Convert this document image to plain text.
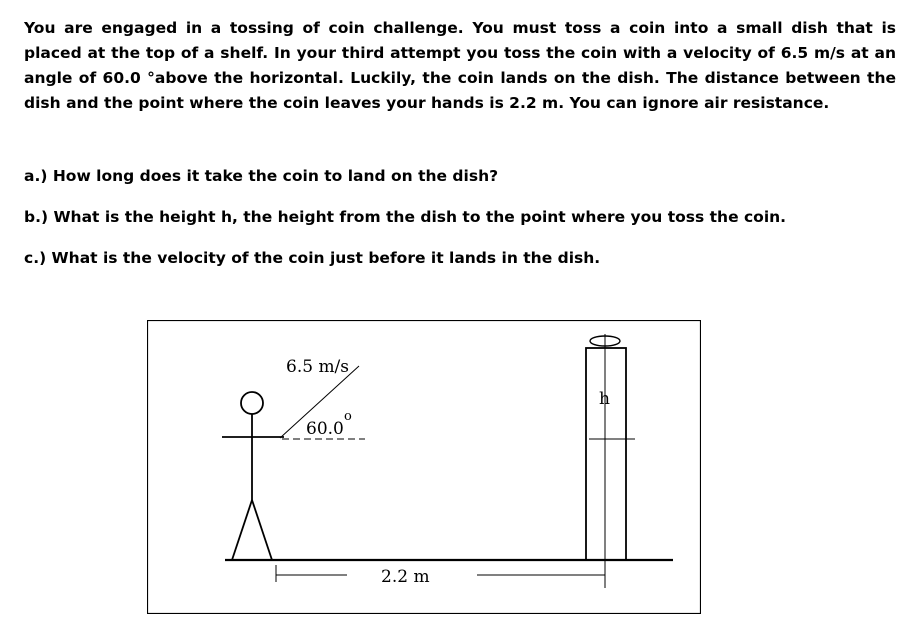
You are engaged in a tossing of coin challenge. You must toss a coin into a small dish that is placed at the top of a shelf. In your third attempt you toss the coin with a velocity of 6.5 m/s at an angle of 60.0 °above the horizontal. Luckily, the coin lands on the dish. The distance between the dish and the point where the coin leaves your hands is 2.2 m. You can ignore air resistance.

a.) How long does it take the coin to land on the dish?

b.) What is the height h, the height from the dish to the point where you toss the coin.

c.) What is the velocity of the coin just before it lands in the dish.

6.5 m/s
60.0
o
h
2.2 m
